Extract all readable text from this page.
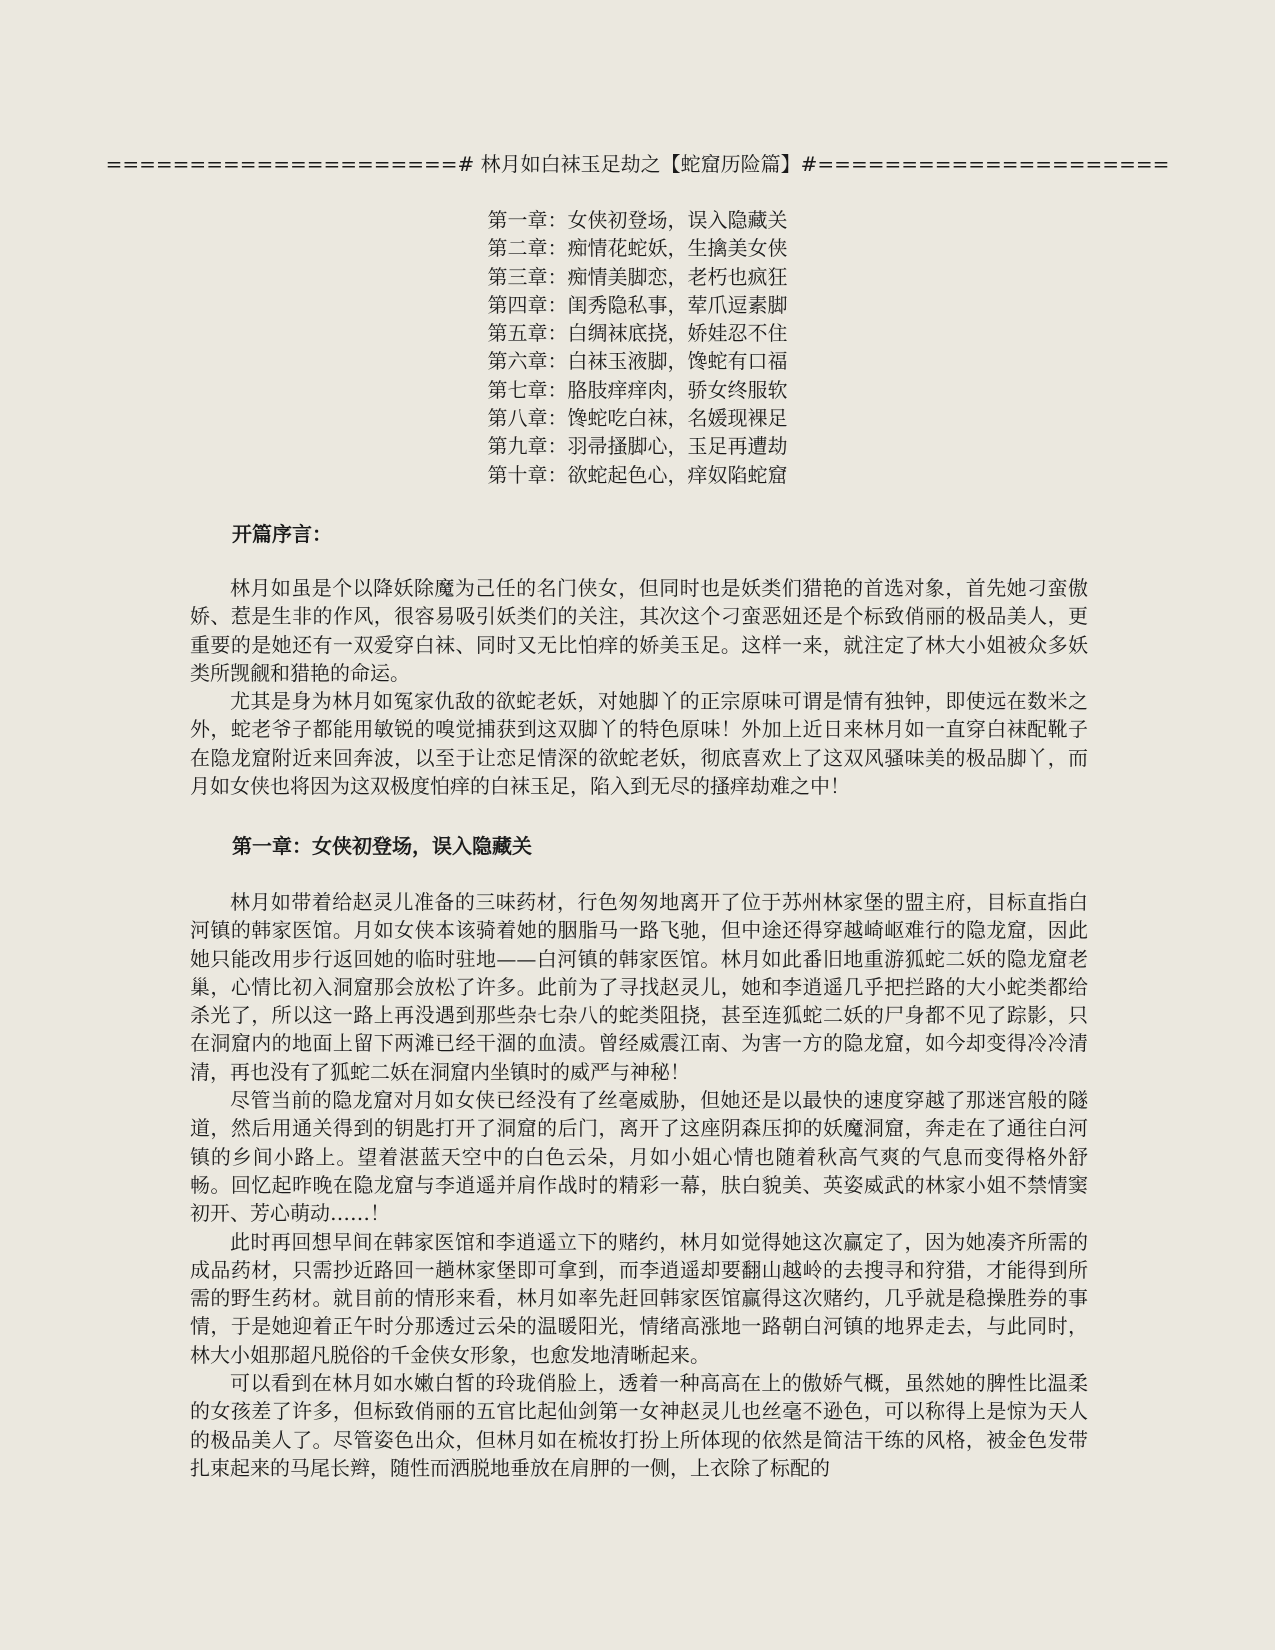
=====================# 林月如白袜玉足劫之【蛇窟历险篇】#=====================
第一章：女侠初登场，误入隐藏关
第二章：痴情花蛇妖，生擒美女侠
第三章：痴情美脚恋，老朽也疯狂
第四章：闺秀隐私事，荤爪逗素脚
第五章：白绸袜底挠，娇娃忍不住
第六章：白袜玉液脚，馋蛇有口福
第七章：胳肢痒痒肉，骄女终服软
第八章：馋蛇吃白袜，名媛现裸足
第九章：羽帚搔脚心，玉足再遭劫
第十章：欲蛇起色心，痒奴陷蛇窟
开篇序言：

林月如虽是个以降妖除魔为己任的名门侠女，但同时也是妖类们猎艳的首选对象，首先她刁蛮傲娇、惹是生非的作风，很容易吸引妖类们的关注，其次这个刁蛮恶妞还是个标致俏丽的极品美人，更重要的是她还有一双爱穿白袜、同时又无比怕痒的娇美玉足。这样一来，就注定了林大小姐被众多妖类所觊觎和猎艳的命运。

尤其是身为林月如冤家仇敌的欲蛇老妖，对她脚丫的正宗原味可谓是情有独钟，即使远在数米之外，蛇老爷子都能用敏锐的嗅觉捕获到这双脚丫的特色原味！外加上近日来林月如一直穿白袜配靴子在隐龙窟附近来回奔波，以至于让恋足情深的欲蛇老妖，彻底喜欢上了这双风骚味美的极品脚丫，而月如女侠也将因为这双极度怕痒的白袜玉足，陷入到无尽的搔痒劫难之中！

第一章：女侠初登场，误入隐藏关

林月如带着给赵灵儿准备的三味药材，行色匆匆地离开了位于苏州林家堡的盟主府，目标直指白河镇的韩家医馆。月如女侠本该骑着她的胭脂马一路飞驰，但中途还得穿越崎岖难行的隐龙窟，因此她只能改用步行返回她的临时驻地——白河镇的韩家医馆。林月如此番旧地重游狐蛇二妖的隐龙窟老巢，心情比初入洞窟那会放松了许多。此前为了寻找赵灵儿，她和李逍遥几乎把拦路的大小蛇类都给杀光了，所以这一路上再没遇到那些杂七杂八的蛇类阻挠，甚至连狐蛇二妖的尸身都不见了踪影，只在洞窟内的地面上留下两滩已经干涸的血渍。曾经威震江南、为害一方的隐龙窟，如今却变得冷冷清清，再也没有了狐蛇二妖在洞窟内坐镇时的威严与神秘！

尽管当前的隐龙窟对月如女侠已经没有了丝毫威胁，但她还是以最快的速度穿越了那迷宫般的隧道，然后用通关得到的钥匙打开了洞窟的后门，离开了这座阴森压抑的妖魔洞窟，奔走在了通往白河镇的乡间小路上。望着湛蓝天空中的白色云朵，月如小姐心情也随着秋高气爽的气息而变得格外舒畅。回忆起昨晚在隐龙窟与李逍遥并肩作战时的精彩一幕，肤白貌美、英姿威武的林家小姐不禁情窦初开、芳心萌动……！

此时再回想早间在韩家医馆和李逍遥立下的赌约，林月如觉得她这次赢定了，因为她凑齐所需的成品药材，只需抄近路回一趟林家堡即可拿到，而李逍遥却要翻山越岭的去搜寻和狩猎，才能得到所需的野生药材。就目前的情形来看，林月如率先赶回韩家医馆赢得这次赌约，几乎就是稳操胜券的事情，于是她迎着正午时分那透过云朵的温暖阳光，情绪高涨地一路朝白河镇的地界走去，与此同时，林大小姐那超凡脱俗的千金侠女形象，也愈发地清晰起来。

可以看到在林月如水嫩白皙的玲珑俏脸上，透着一种高高在上的傲娇气概，虽然她的脾性比温柔的女孩差了许多，但标致俏丽的五官比起仙剑第一女神赵灵儿也丝毫不逊色，可以称得上是惊为天人的极品美人了。尽管姿色出众，但林月如在梳妆打扮上所体现的依然是简洁干练的风格，被金色发带扎束起来的马尾长辫，随性而洒脱地垂放在肩胛的一侧，上衣除了标配的
